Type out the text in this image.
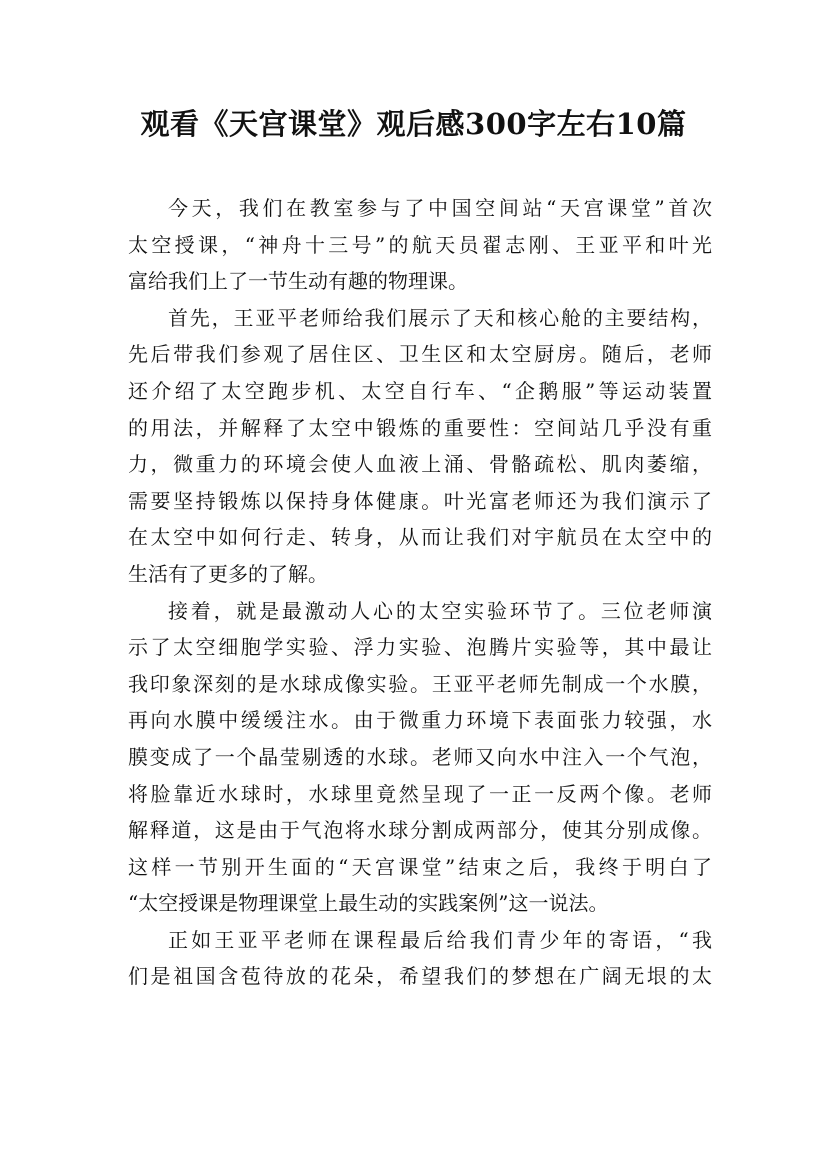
观看《天宫课堂》观后感300字左右10篇
今天，我们在教室参与了中国空间站“天宫课堂”首次
太空授课，“神舟十三号”的航天员翟志刚、王亚平和叶光
富给我们上了一节生动有趣的物理课。
首先，王亚平老师给我们展示了天和核心舱的主要结构，
先后带我们参观了居住区、卫生区和太空厨房。随后，老师
还介绍了太空跑步机、太空自行车、“企鹅服”等运动装置
的用法，并解释了太空中锻炼的重要性：空间站几乎没有重
力，微重力的环境会使人血液上涌、骨骼疏松、肌肉萎缩，
需要坚持锻炼以保持身体健康。叶光富老师还为我们演示了
在太空中如何行走、转身，从而让我们对宇航员在太空中的
生活有了更多的了解。
接着，就是最激动人心的太空实验环节了。三位老师演
示了太空细胞学实验、浮力实验、泡腾片实验等，其中最让
我印象深刻的是水球成像实验。王亚平老师先制成一个水膜，
再向水膜中缓缓注水。由于微重力环境下表面张力较强，水
膜变成了一个晶莹剔透的水球。老师又向水中注入一个气泡，
将脸靠近水球时，水球里竟然呈现了一正一反两个像。老师
解释道，这是由于气泡将水球分割成两部分，使其分别成像。
这样一节别开生面的“天宫课堂”结束之后，我终于明白了
“太空授课是物理课堂上最生动的实践案例”这一说法。
正如王亚平老师在课程最后给我们青少年的寄语，“我
们是祖国含苞待放的花朵，希望我们的梦想在广阔无垠的太
